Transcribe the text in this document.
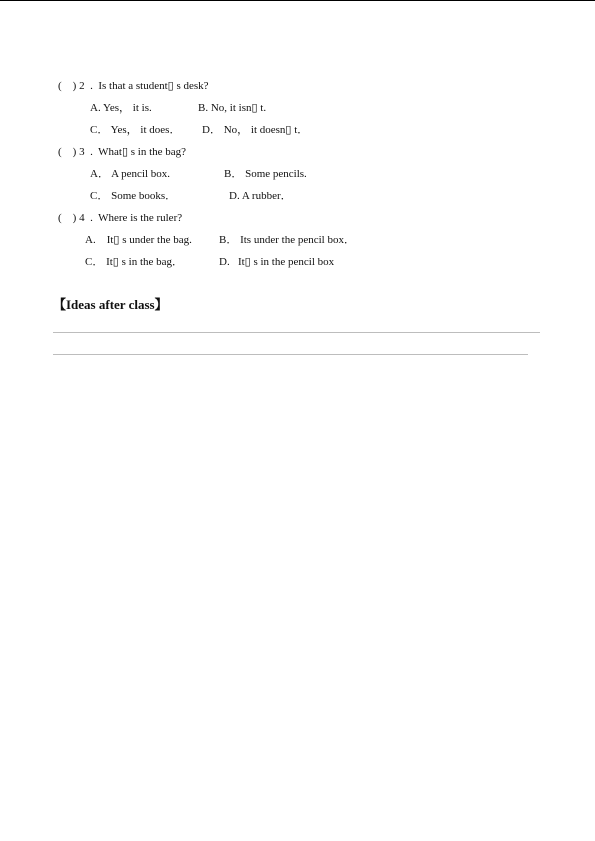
(    ) 2  .  Is that a student▯ s desk?
A. Yes， it is.	B. No, it isn▯ t.
C． Yes， it does． D． No， it doesn▯ t．
(    ) 3  .  What▯ s in the bag?
A． A pencil box.	B． Some pencils.
C． Some books．	D. A rubber．
(    ) 4  .  Where is the ruler?
A.    It▯ s under the bag. B． Its under the pencil box．
C． It▯ s in the bag．	D.   It▯ s in the pencil box
【Ideas after class】
